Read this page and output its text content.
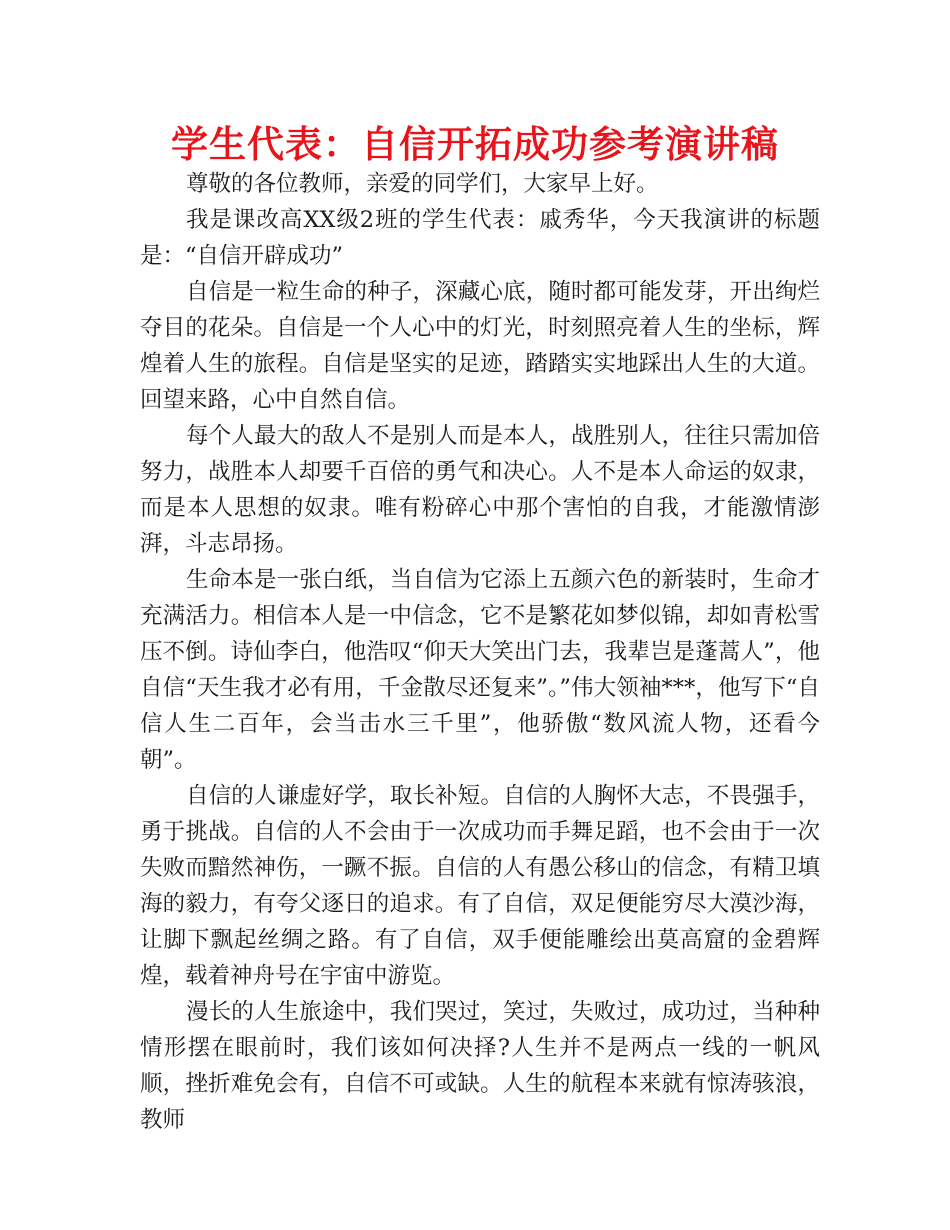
学生代表：自信开拓成功参考演讲稿

尊敬的各位教师，亲爱的同学们，大家早上好。

我是课改高XX级2班的学生代表：戚秀华，今天我演讲的标题是：“自信开辟成功”

自信是一粒生命的种子，深藏心底，随时都可能发芽，开出绚烂夺目的花朵。自信是一个人心中的灯光，时刻照亮着人生的坐标，辉煌着人生的旅程。自信是坚实的足迹，踏踏实实地踩出人生的大道。回望来路，心中自然自信。

每个人最大的敌人不是别人而是本人，战胜别人，往往只需加倍努力，战胜本人却要千百倍的勇气和决心。人不是本人命运的奴隶，而是本人思想的奴隶。唯有粉碎心中那个害怕的自我，才能激情澎湃，斗志昂扬。

生命本是一张白纸，当自信为它添上五颜六色的新装时，生命才充满活力。相信本人是一中信念，它不是繁花如梦似锦，却如青松雪压不倒。诗仙李白，他浩叹“仰天大笑出门去，我辈岂是蓬蒿人”，他自信“天生我才必有用，千金散尽还复来”。”伟大领袖***，他写下“自信人生二百年，会当击水三千里”，他骄傲“数风流人物，还看今朝”。

自信的人谦虚好学，取长补短。自信的人胸怀大志，不畏强手，勇于挑战。自信的人不会由于一次成功而手舞足蹈，也不会由于一次失败而黯然神伤，一蹶不振。自信的人有愚公移山的信念，有精卫填海的毅力，有夸父逐日的追求。有了自信，双足便能穷尽大漠沙海，让脚下飘起丝绸之路。有了自信，双手便能雕绘出莫高窟的金碧辉煌，载着神舟号在宇宙中游览。

漫长的人生旅途中，我们哭过，笑过，失败过，成功过，当种种情形摆在眼前时，我们该如何决择?人生并不是两点一线的一帆风顺，挫折难免会有，自信不可或缺。人生的航程本来就有惊涛骇浪，教师
